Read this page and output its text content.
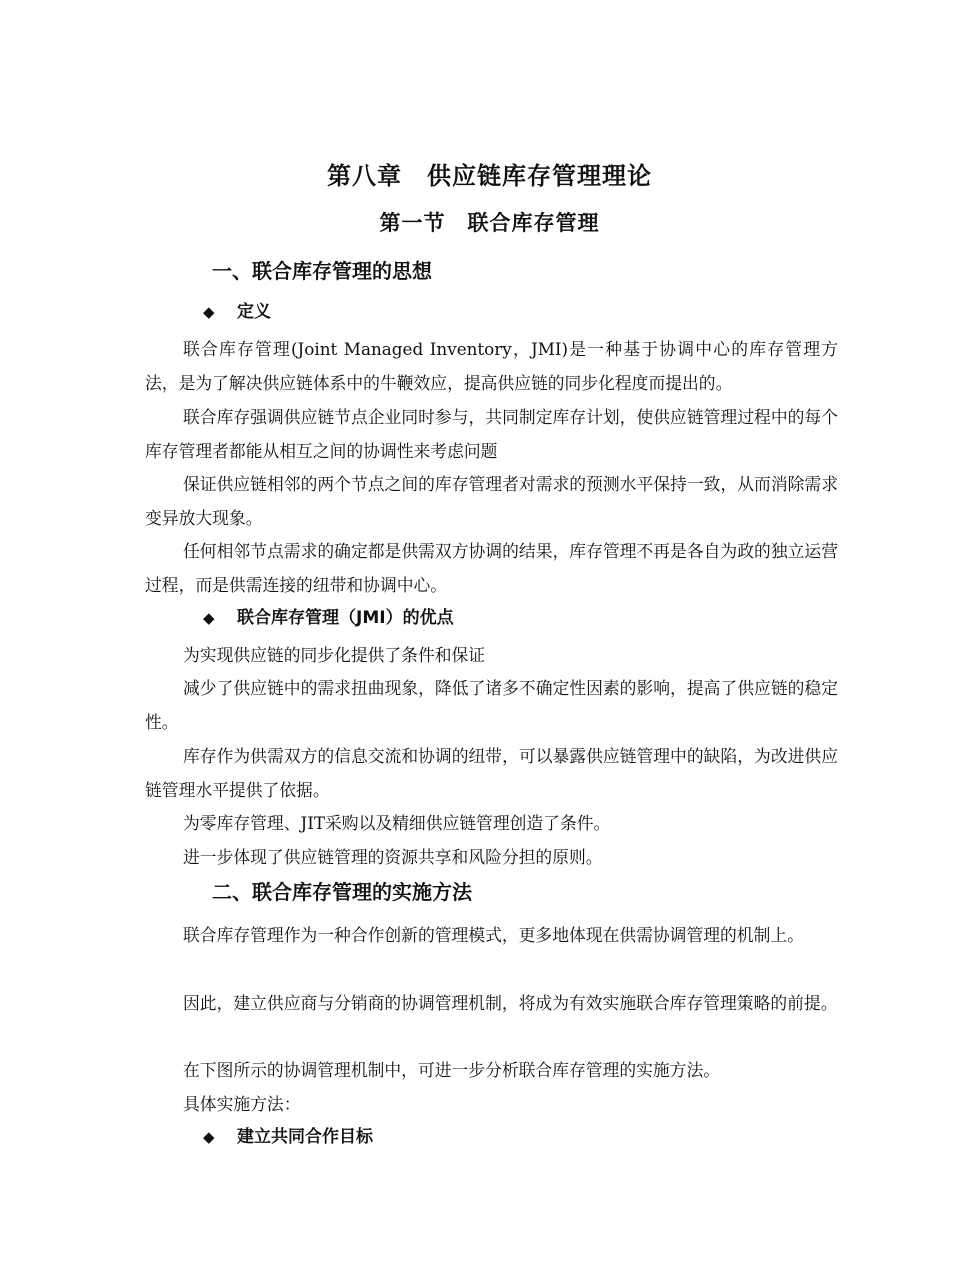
第八章　供应链库存管理理论
第一节　联合库存管理
一、联合库存管理的思想
◆ 定义

联合库存管理(Joint Managed Inventory，JMI)是一种基于协调中心的库存管理方法，是为了解决供应链体系中的牛鞭效应，提高供应链的同步化程度而提出的。

联合库存强调供应链节点企业同时参与，共同制定库存计划，使供应链管理过程中的每个库存管理者都能从相互之间的协调性来考虑问题

保证供应链相邻的两个节点之间的库存管理者对需求的预测水平保持一致，从而消除需求变异放大现象。

任何相邻节点需求的确定都是供需双方协调的结果，库存管理不再是各自为政的独立运营过程，而是供需连接的纽带和协调中心。

◆ 联合库存管理（JMI）的优点

为实现供应链的同步化提供了条件和保证

减少了供应链中的需求扭曲现象，降低了诸多不确定性因素的影响，提高了供应链的稳定性。

库存作为供需双方的信息交流和协调的纽带，可以暴露供应链管理中的缺陷，为改进供应链管理水平提供了依据。

为零库存管理、JIT采购以及精细供应链管理创造了条件。

进一步体现了供应链管理的资源共享和风险分担的原则。

二、联合库存管理的实施方法

联合库存管理作为一种合作创新的管理模式，更多地体现在供需协调管理的机制上。

因此，建立供应商与分销商的协调管理机制，将成为有效实施联合库存管理策略的前提。

在下图所示的协调管理机制中，可进一步分析联合库存管理的实施方法。

具体实施方法：

◆ 建立共同合作目标
